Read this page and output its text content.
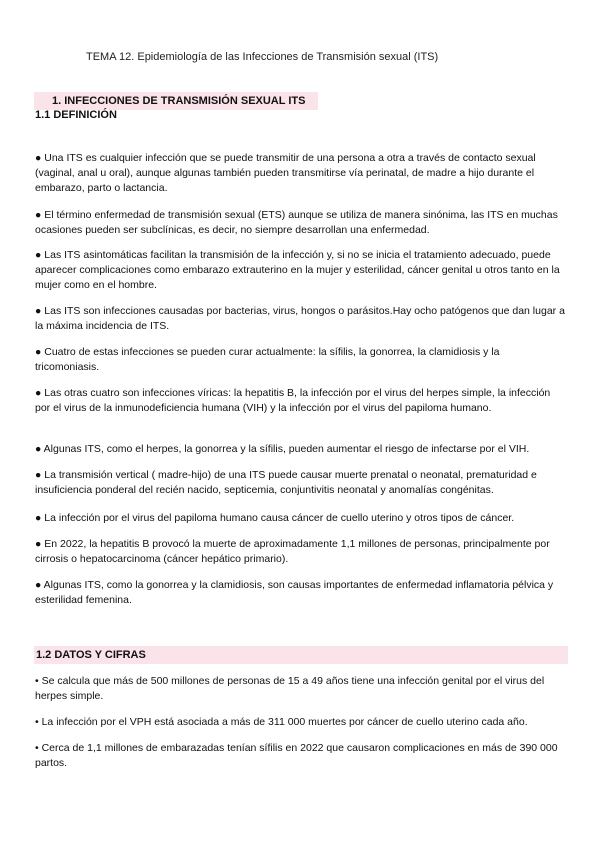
TEMA 12. Epidemiología de las Infecciones de Transmisión sexual (ITS)
1. INFECCIONES DE TRANSMISIÓN SEXUAL ITS
1.1 DEFINICIÓN

● Una ITS es cualquier infección que se puede transmitir de una persona a otra a través de contacto sexual (vaginal, anal u oral), aunque algunas también pueden transmitirse vía perinatal, de madre a hijo durante el embarazo, parto o lactancia.

● El término enfermedad de transmisión sexual (ETS) aunque se utiliza de manera sinónima, las ITS en muchas ocasiones pueden ser subclínicas, es decir, no siempre desarrollan una enfermedad.

● Las ITS asintomáticas facilitan la transmisión de la infección y, si no se inicia el tratamiento adecuado, puede aparecer complicaciones como embarazo extrauterino en la mujer y esterilidad, cáncer genital u otros tanto en la mujer como en el hombre.

● Las ITS son infecciones causadas por bacterias, virus, hongos o parásitos.Hay ocho patógenos que dan lugar a la máxima incidencia de ITS.

● Cuatro de estas infecciones se pueden curar actualmente: la sífilis, la gonorrea, la clamidiosis y la tricomoniasis.

● Las otras cuatro son infecciones víricas: la hepatitis B, la infección por el virus del herpes simple, la infección por el virus de la inmunodeficiencia humana (VIH) y la infección por el virus del papiloma humano.

● Algunas ITS, como el herpes, la gonorrea y la sífilis, pueden aumentar el riesgo de infectarse por el VIH.

● La transmisión vertical ( madre-hijo) de una ITS puede causar muerte prenatal o neonatal, prematuridad e insuficiencia ponderal del recién nacido, septicemia, conjuntivitis neonatal y anomalías congénitas.

● La infección por el virus del papiloma humano causa cáncer de cuello uterino y otros tipos de cáncer.

● En 2022, la hepatitis B provocó la muerte de aproximadamente 1,1 millones de personas, principalmente por cirrosis o hepatocarcinoma (cáncer hepático primario).

● Algunas ITS, como la gonorrea y la clamidiosis, son causas importantes de enfermedad inflamatoria pélvica y esterilidad femenina.

1.2 DATOS Y CIFRAS

• Se calcula que más de 500 millones de personas de 15 a 49 años tiene una infección genital por el virus del herpes simple.

• La infección por el VPH está asociada a más de 311 000 muertes por cáncer de cuello uterino cada año.

• Cerca de 1,1 millones de embarazadas tenían sífilis en 2022 que causaron complicaciones en más de 390 000 partos.
